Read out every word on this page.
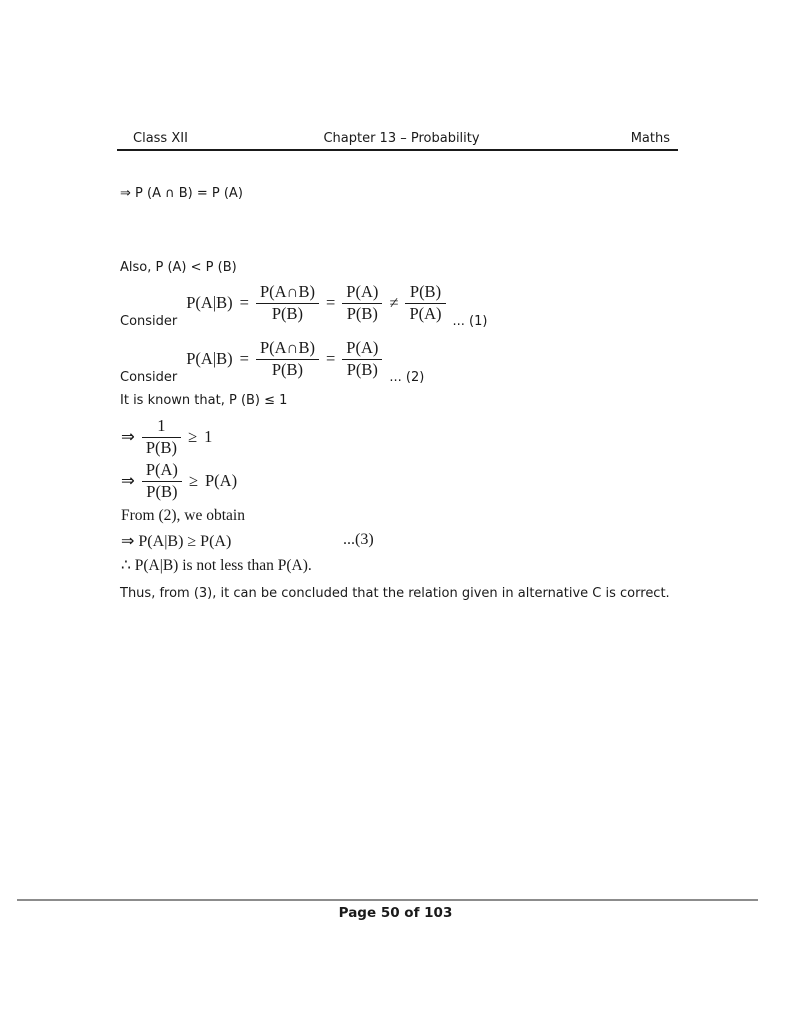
Class XII	Chapter 13 – Probability	Maths

⇒ P (A ∩ B) = P (A)

Also, P (A) < P (B)

Consider
$P(A|B) = \frac{P(A\cap B)}{P(B)} = \frac{P(A)}{P(B)} \ne \frac{P(B)}{P(A)}$ ... (1)
Consider
$P(A|B) = \frac{P(A\cap B)}{P(B)} = \frac{P(A)}{P(B)}$ ... (2)

It is known that, P (B) ≤ 1

⇒ $\frac{1}{P(B)} \ge 1$
⇒ $\frac{P(A)}{P(B)} \ge P(A)$

From (2), we obtain

⇒ P(A|B) ≥ P(A)	...(3)

∴ P(A|B) is not less than P(A).

Thus, from (3), it can be concluded that the relation given in alternative C is correct.

Page 50 of 103
